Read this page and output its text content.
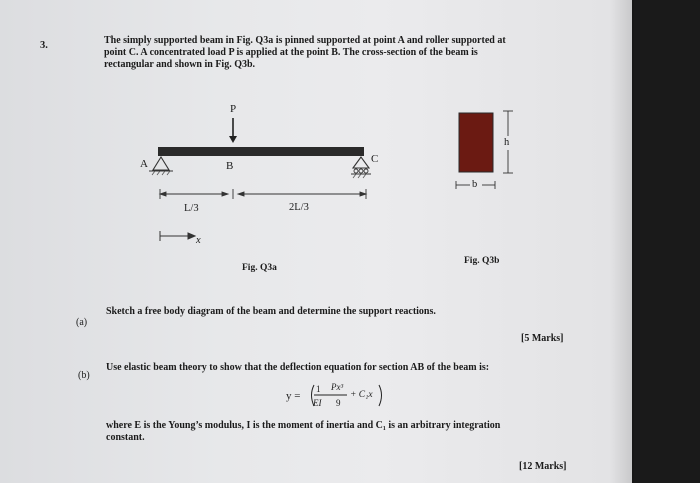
3.	The simply supported beam in Fig. Q3a is pinned supported at point A and roller supported at
point C. A concentrated load P is applied at the point B. The cross-section of the beam is
rectangular and shown in Fig. Q3b.
P
A	B
C
L/3	2L/3
x
Fig. Q3a
h
b
Fig. Q3b
(a)
Sketch a free body diagram of the beam and determine the support reactions.
[5 Marks]
(b)
Use elastic beam theory to show that the deflection equation for section AB of the beam is:
y =
1
EI
Px³
9
+ C₁x
where E is the Young’s modulus, I is the moment of inertia and C₁ is an arbitrary integration
constant.
[12 Marks]
